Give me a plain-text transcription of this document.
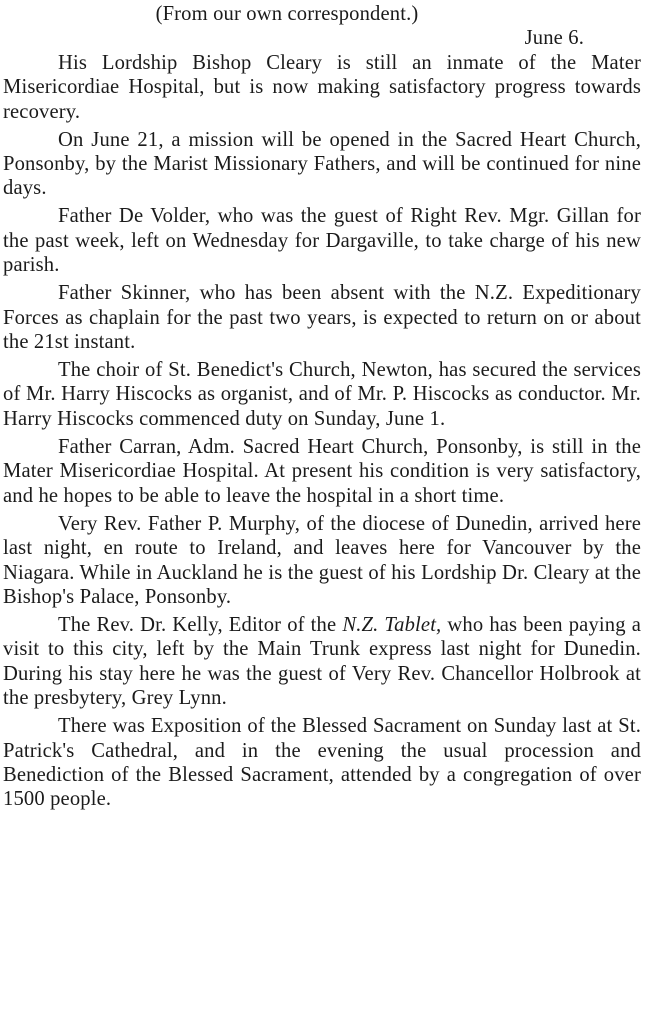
(From our own correspondent.)
June 6.

His Lordship Bishop Cleary is still an inmate of the Mater Misericordiae Hospital, but is now making satisfactory progress towards recovery.

On June 21, a mission will be opened in the Sacred Heart Church, Ponsonby, by the Marist Missionary Fathers, and will be continued for nine days.

Father De Volder, who was the guest of Right Rev. Mgr. Gillan for the past week, left on Wednesday for Dargaville, to take charge of his new parish.

Father Skinner, who has been absent with the N.Z. Expeditionary Forces as chaplain for the past two years, is expected to return on or about the 21st instant.

The choir of St. Benedict's Church, Newton, has secured the services of Mr. Harry Hiscocks as organist, and of Mr. P. Hiscocks as conductor. Mr. Harry Hiscocks commenced duty on Sunday, June 1.

Father Carran, Adm. Sacred Heart Church, Ponsonby, is still in the Mater Misericordiae Hospital. At present his condition is very satisfactory, and he hopes to be able to leave the hospital in a short time.

Very Rev. Father P. Murphy, of the diocese of Dunedin, arrived here last night, en route to Ireland, and leaves here for Vancouver by the Niagara. While in Auckland he is the guest of his Lordship Dr. Cleary at the Bishop's Palace, Ponsonby.

The Rev. Dr. Kelly, Editor of the N.Z. Tablet, who has been paying a visit to this city, left by the Main Trunk express last night for Dunedin. During his stay here he was the guest of Very Rev. Chancellor Holbrook at the presbytery, Grey Lynn.

There was Exposition of the Blessed Sacrament on Sunday last at St. Patrick's Cathedral, and in the evening the usual procession and Benediction of the Blessed Sacrament, attended by a congregation of over 1500 people.
